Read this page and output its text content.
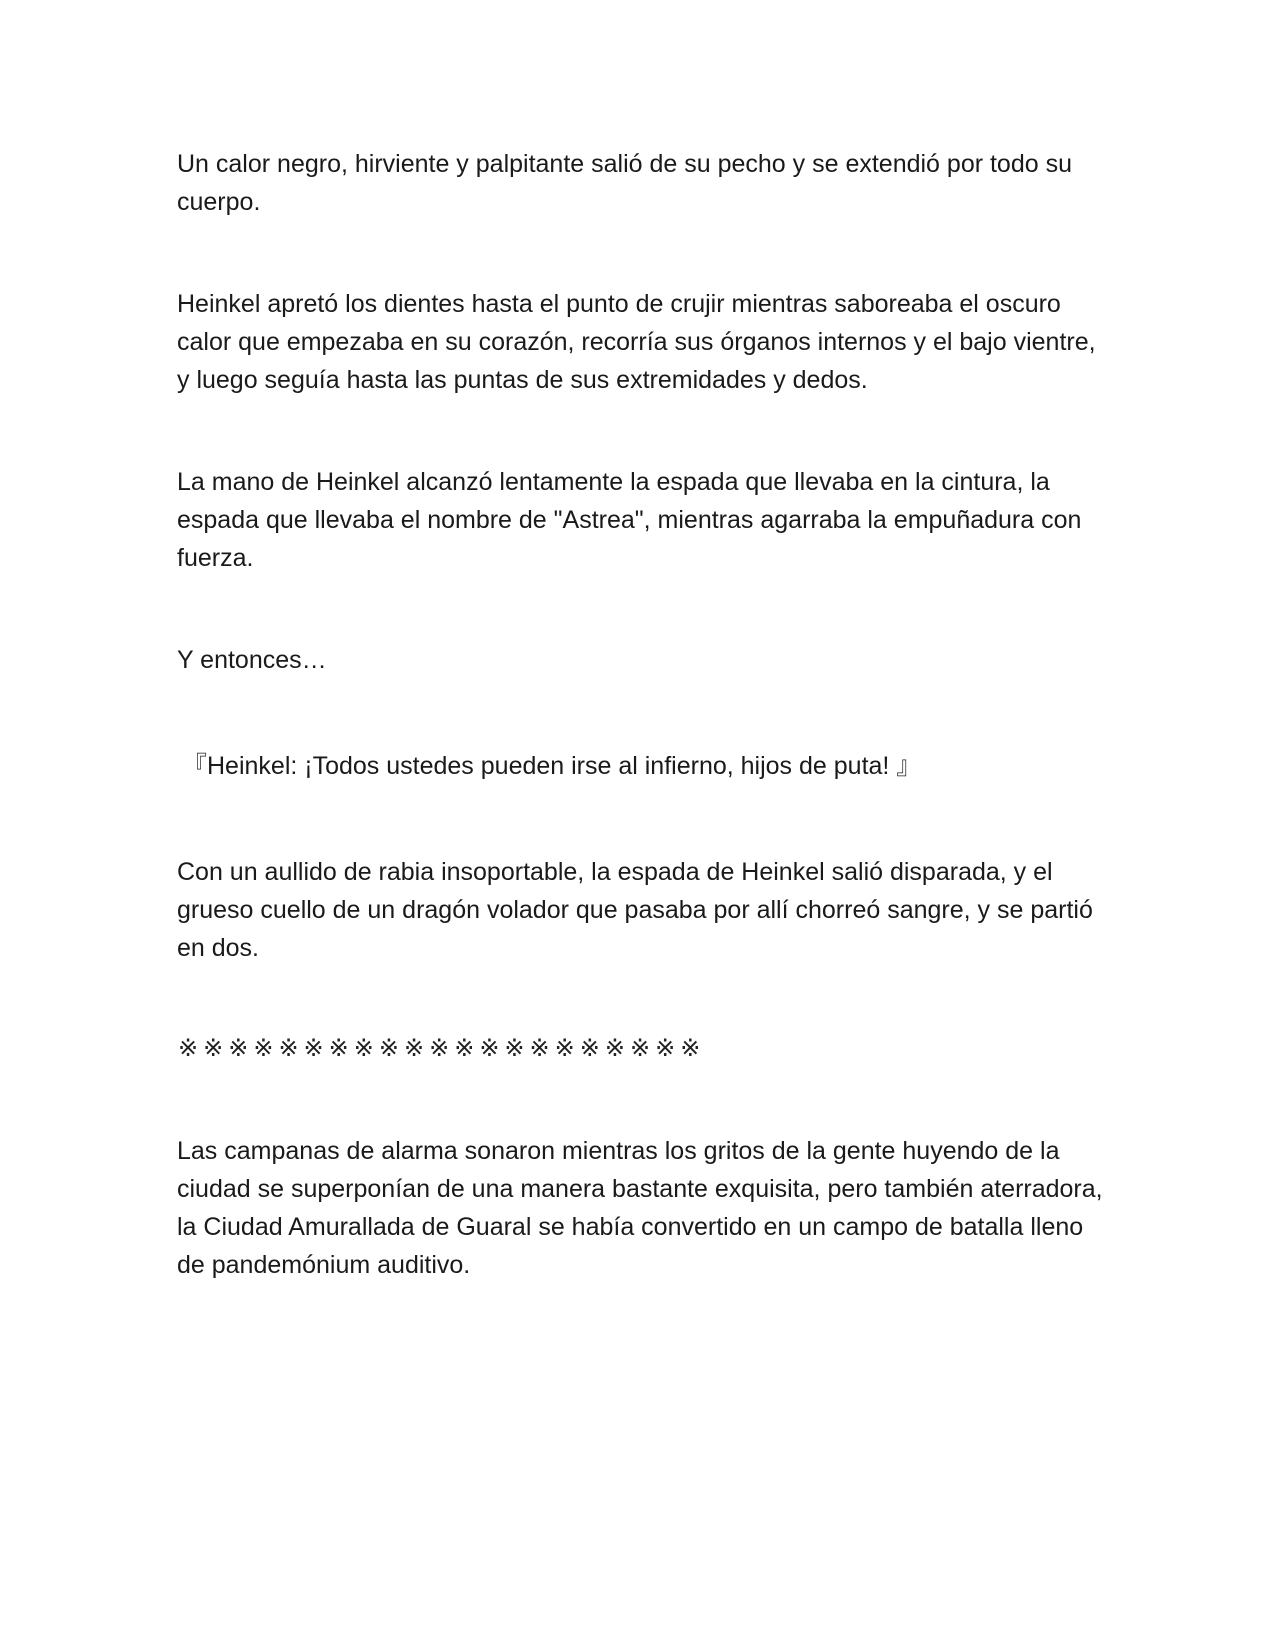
Un calor negro, hirviente y palpitante salió de su pecho y se extendió por todo su cuerpo.

Heinkel apretó los dientes hasta el punto de crujir mientras saboreaba el oscuro calor que empezaba en su corazón, recorría sus órganos internos y el bajo vientre, y luego seguía hasta las puntas de sus extremidades y dedos.

La mano de Heinkel alcanzó lentamente la espada que llevaba en la cintura, la espada que llevaba el nombre de "Astrea", mientras agarraba la empuñadura con fuerza.

Y entonces…

『Heinkel: ¡Todos ustedes pueden irse al infierno, hijos de puta! 』

Con un aullido de rabia insoportable, la espada de Heinkel salió disparada, y el grueso cuello de un dragón volador que pasaba por allí chorreó sangre, y se partió en dos.

※※※※※※※※※※※※※※※※※※※※※

Las campanas de alarma sonaron mientras los gritos de la gente huyendo de la ciudad se superponían de una manera bastante exquisita, pero también aterradora, la Ciudad Amurallada de Guaral se había convertido en un campo de batalla lleno de pandemónium auditivo.
